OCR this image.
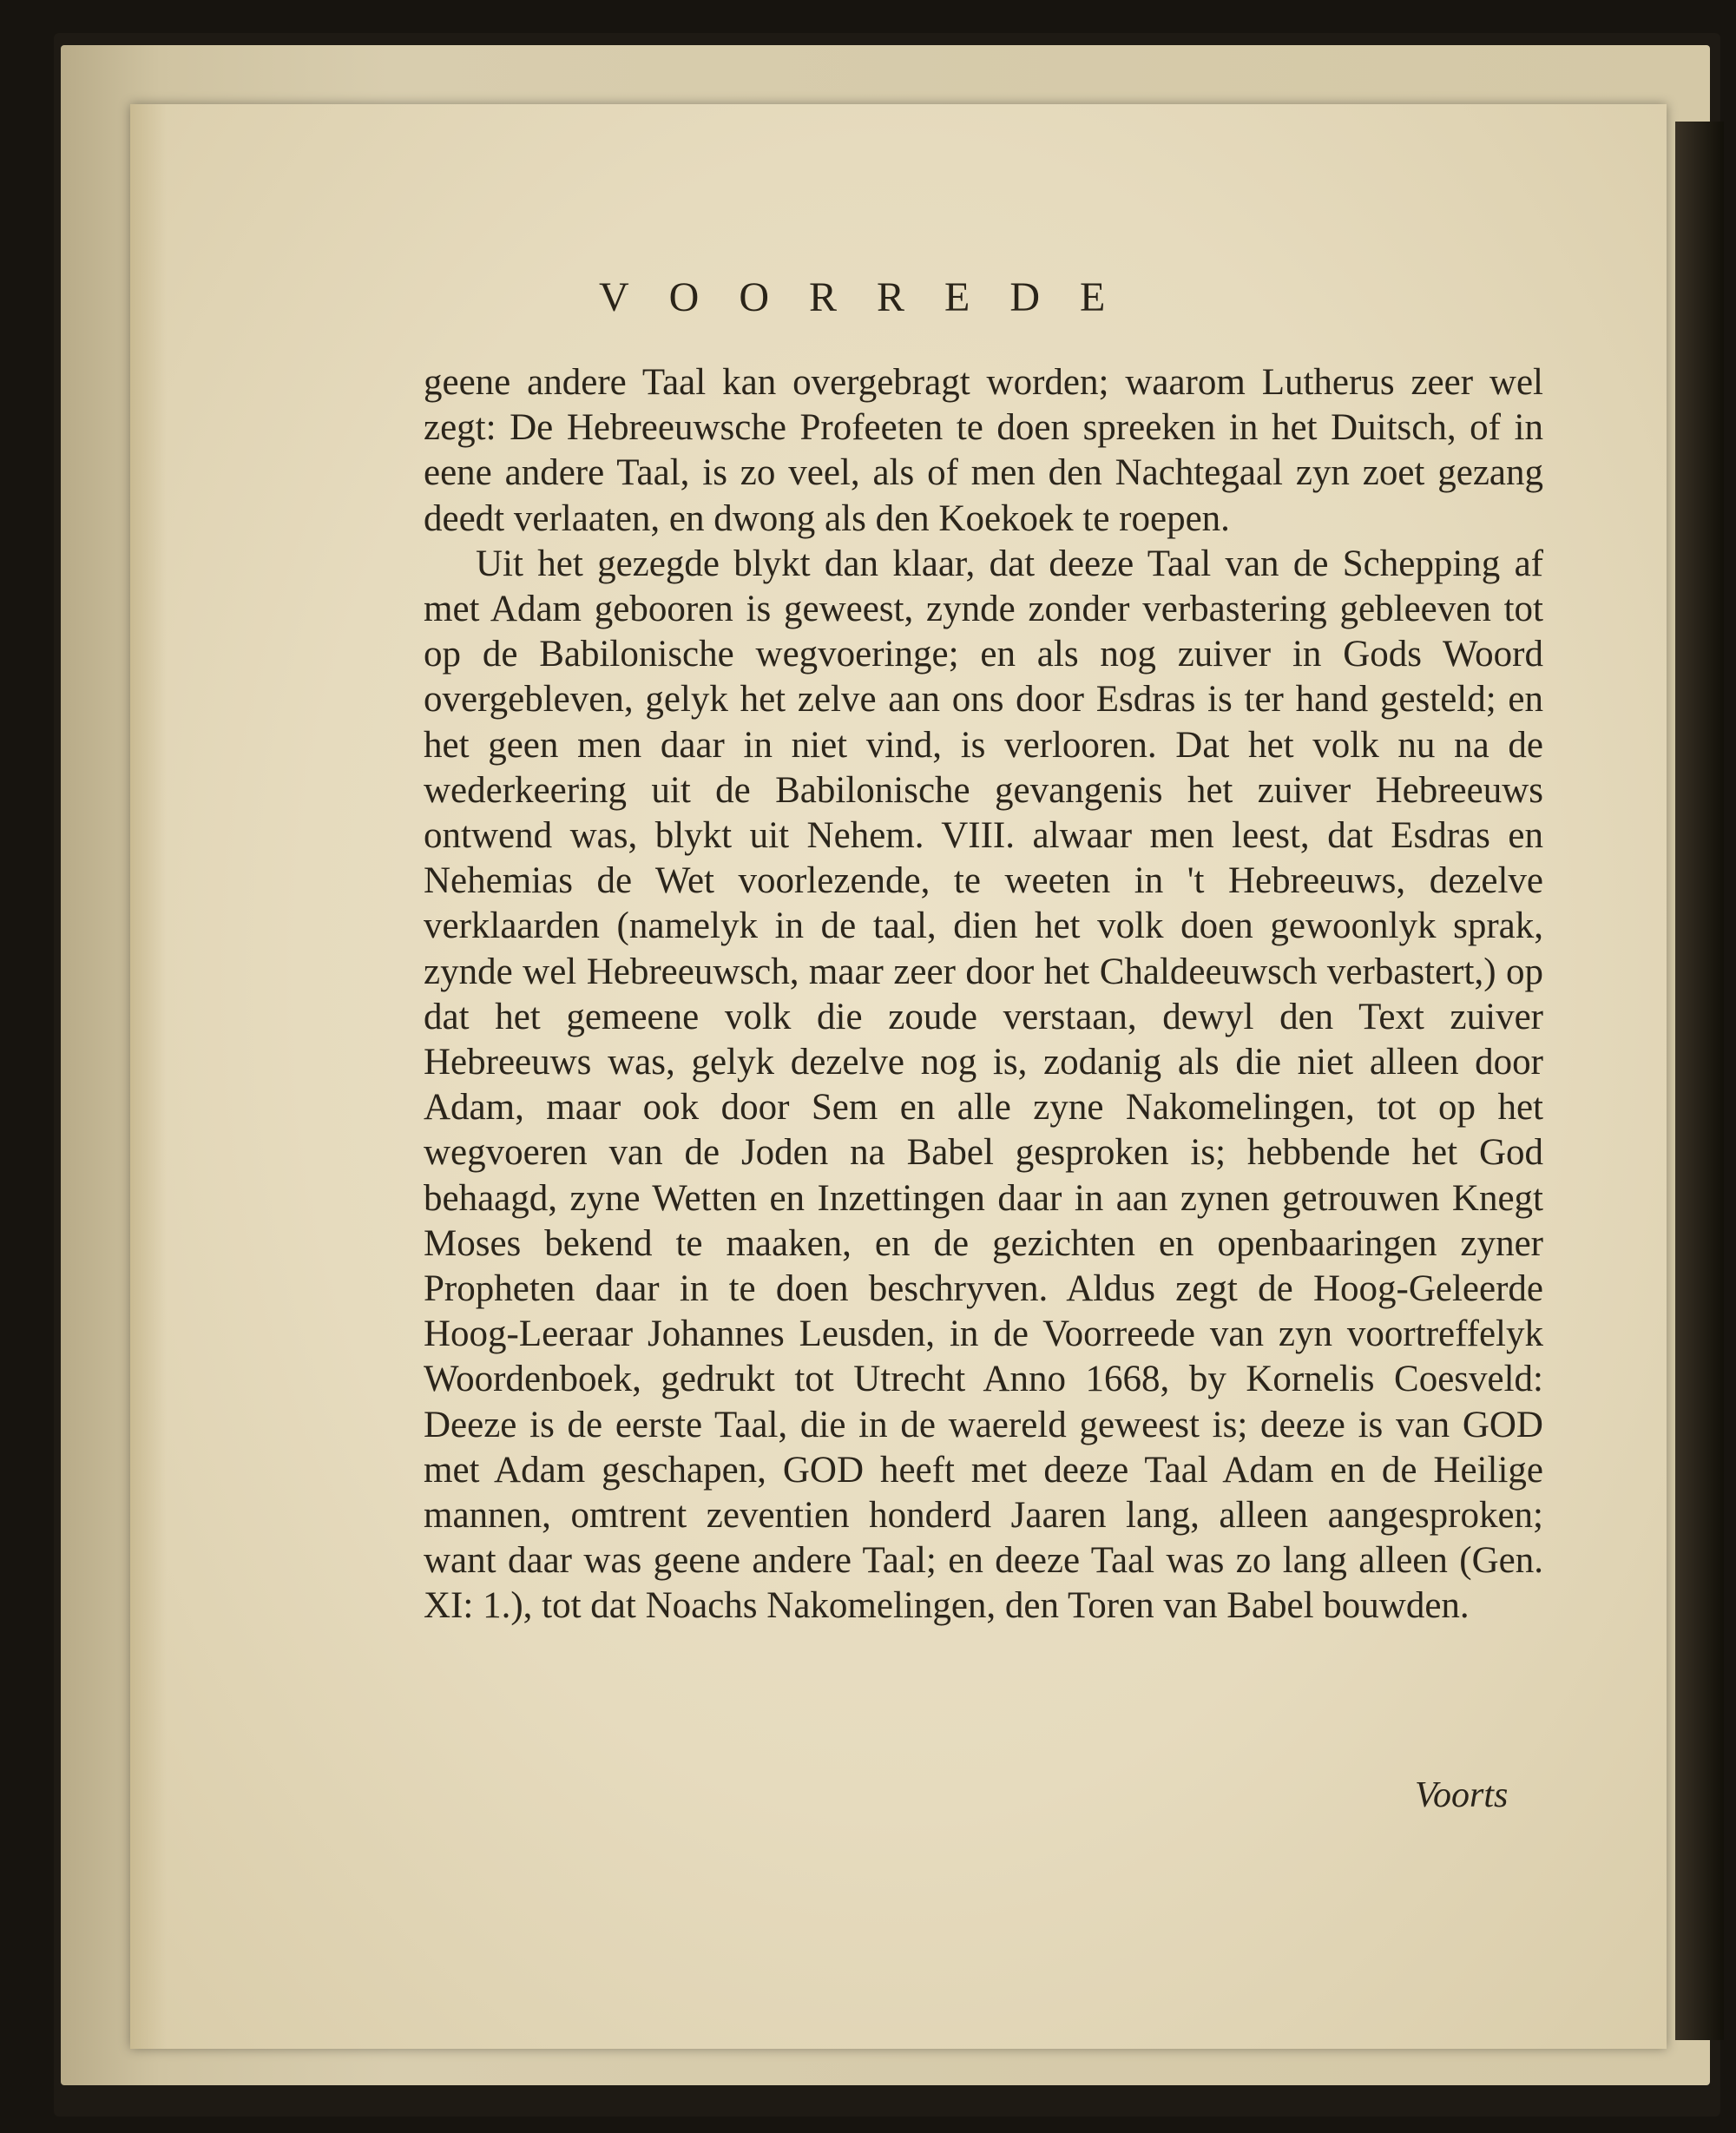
VOORREDE

geene andere Taal kan overgebragt worden; waarom Lutherus zeer wel zegt: De Hebreeuwsche Profeeten te doen spreeken in het Duitsch, of in eene andere Taal, is zo veel, als of men den Nachtegaal zyn zoet gezang deedt verlaaten, en dwong als den Koekoek te roepen.

Uit het gezegde blykt dan klaar, dat deeze Taal van de Schepping af met Adam gebooren is geweest, zynde zonder verbastering gebleeven tot op de Babilonische wegvoeringe; en als nog zuiver in Gods Woord overgebleven, gelyk het zelve aan ons door Esdras is ter hand gesteld; en het geen men daar in niet vind, is verlooren. Dat het volk nu na de wederkeering uit de Babilonische gevangenis het zuiver Hebreeuws ontwend was, blykt uit Nehem. VIII. alwaar men leest, dat Esdras en Nehemias de Wet voorlezende, te weeten in 't Hebreeuws, dezelve verklaarden (namelyk in de taal, dien het volk doen gewoonlyk sprak, zynde wel Hebreeuwsch, maar zeer door het Chaldeeuwsch verbastert,) op dat het gemeene volk die zoude verstaan, dewyl den Text zuiver Hebreeuws was, gelyk dezelve nog is, zodanig als die niet alleen door Adam, maar ook door Sem en alle zyne Nakomelingen, tot op het wegvoeren van de Joden na Babel gesproken is; hebbende het God behaagd, zyne Wetten en Inzettingen daar in aan zynen getrouwen Knegt Moses bekend te maaken, en de gezichten en openbaaringen zyner Propheten daar in te doen beschryven. Aldus zegt de Hoog-Geleerde Hoog-Leeraar Johannes Leusden, in de Voorreede van zyn voortreffelyk Woordenboek, gedrukt tot Utrecht Anno 1668, by Kornelis Coesveld: Deeze is de eerste Taal, die in de waereld geweest is; deeze is van GOD met Adam geschapen, GOD heeft met deeze Taal Adam en de Heilige mannen, omtrent zeventien honderd Jaaren lang, alleen aangesproken; want daar was geene andere Taal; en deeze Taal was zo lang alleen (Gen. XI: 1.), tot dat Noachs Nakomelingen, den Toren van Babel bouwden.

Voorts
